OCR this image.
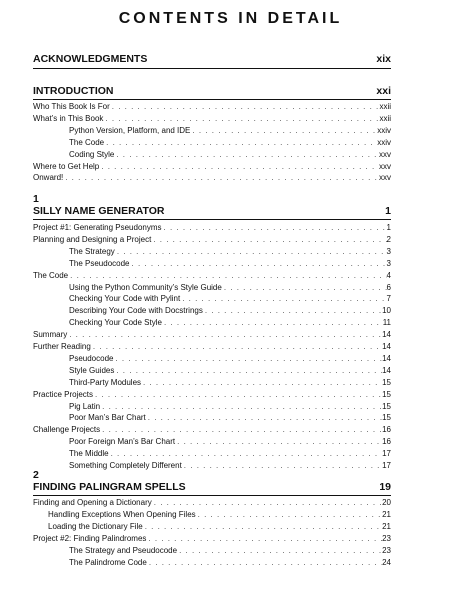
CONTENTS IN DETAIL
ACKNOWLEDGMENTS	xix
INTRODUCTION	xxi
Who This Book Is For . . .	xxii
What’s in This Book . . .	xxii
Python Version, Platform, and IDE . . .	xxiv
The Code . . .	xxiv
Coding Style . . .	xxv
Where to Get Help . . .	xxv
Onward! . . .	xxv
1
SILLY NAME GENERATOR	1
Project #1: Generating Pseudonyms . . .	1
Planning and Designing a Project . . .	2
The Strategy . . .	3
The Pseudocode . . .	3
The Code . . .	4
Using the Python Community’s Style Guide . . .	6
Checking Your Code with Pylint . . .	7
Describing Your Code with Docstrings . . .	10
Checking Your Code Style . . .	11
Summary . . .	14
Further Reading . . .	14
Pseudocode . . .	14
Style Guides . . .	14
Third-Party Modules . . .	15
Practice Projects . . .	15
Pig Latin . . .	15
Poor Man’s Bar Chart . . .	15
Challenge Projects . . .	16
Poor Foreign Man’s Bar Chart . . .	16
The Middle . . .	17
Something Completely Different . . .	17
2
FINDING PALINGRAM SPELLS	19
Finding and Opening a Dictionary . . .	20
Handling Exceptions When Opening Files . . .	21
Loading the Dictionary File . . .	21
Project #2: Finding Palindromes . . .	23
The Strategy and Pseudocode . . .	23
The Palindrome Code . . .	24
